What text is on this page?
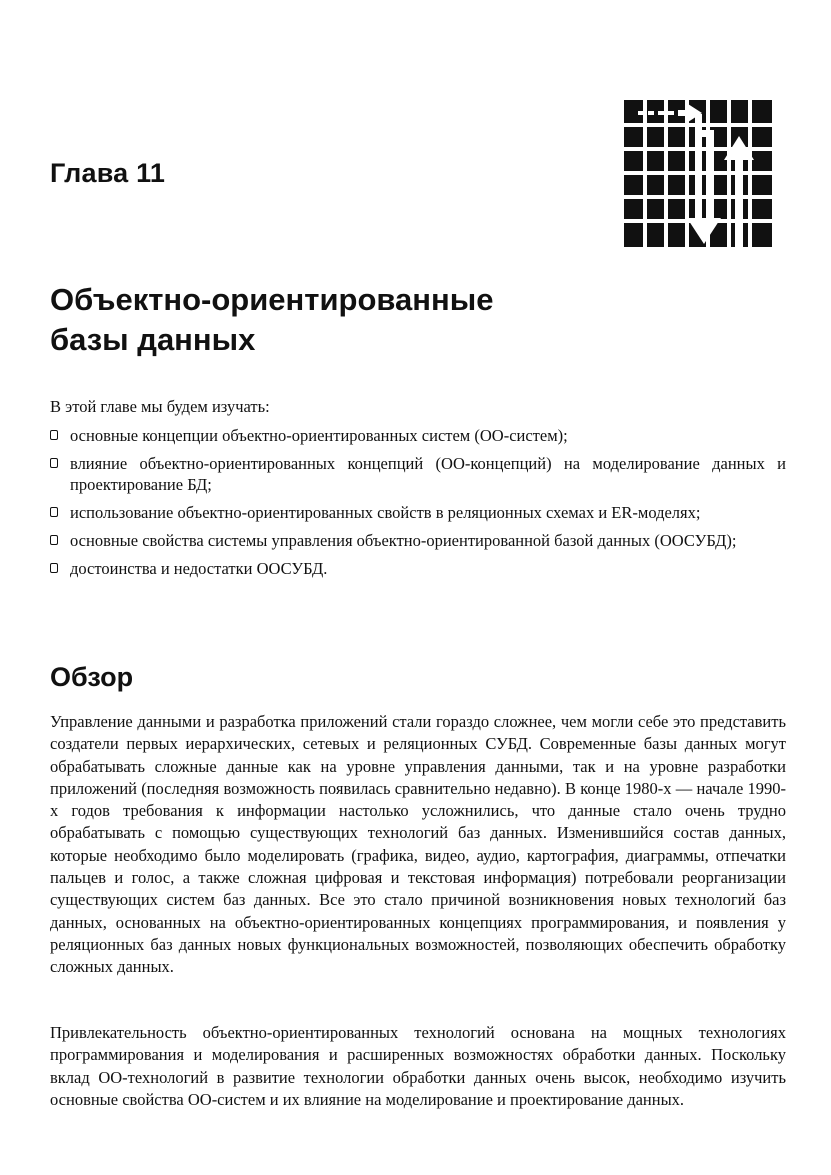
Глава 11
Объектно-ориентированные
базы данных

В этой главе мы будем изучать:

основные концепции объектно-ориентированных систем (ОО-систем);
влияние объектно-ориентированных концепций (ОО-концепций) на моделирование данных и проектирование БД;
использование объектно-ориентированных свойств в реляционных схемах и ER-моделях;
основные свойства системы управления объектно-ориентированной базой данных (ООСУБД);
достоинства и недостатки ООСУБД.
Обзор

Управление данными и разработка приложений стали гораздо сложнее, чем могли себе это представить создатели первых иерархических, сетевых и реляционных СУБД. Современные базы данных могут обрабатывать сложные данные как на уровне управления данными, так и на уровне разработки приложений (последняя возможность появилась сравнительно недавно). В конце 1980-х — начале 1990-х годов требования к информации настолько усложнились, что данные стало очень трудно обрабатывать с помощью существующих технологий баз данных. Изменившийся состав данных, которые необходимо было моделировать (графика, видео, аудио, картография, диаграммы, отпечатки пальцев и голос, а также сложная цифровая и текстовая информация) потребовали реорганизации существующих систем баз данных. Все это стало причиной возникновения новых технологий баз данных, основанных на объектно-ориентированных концепциях программирования, и появления у реляционных баз данных новых функциональных возможностей, позволяющих обеспечить обработку сложных данных.

Привлекательность объектно-ориентированных технологий основана на мощных технологиях программирования и моделирования и расширенных возможностях обработки данных. Поскольку вклад ОО-технологий в развитие технологии обработки данных очень высок, необходимо изучить основные свойства ОО-систем и их влияние на моделирование и проектирование данных.
